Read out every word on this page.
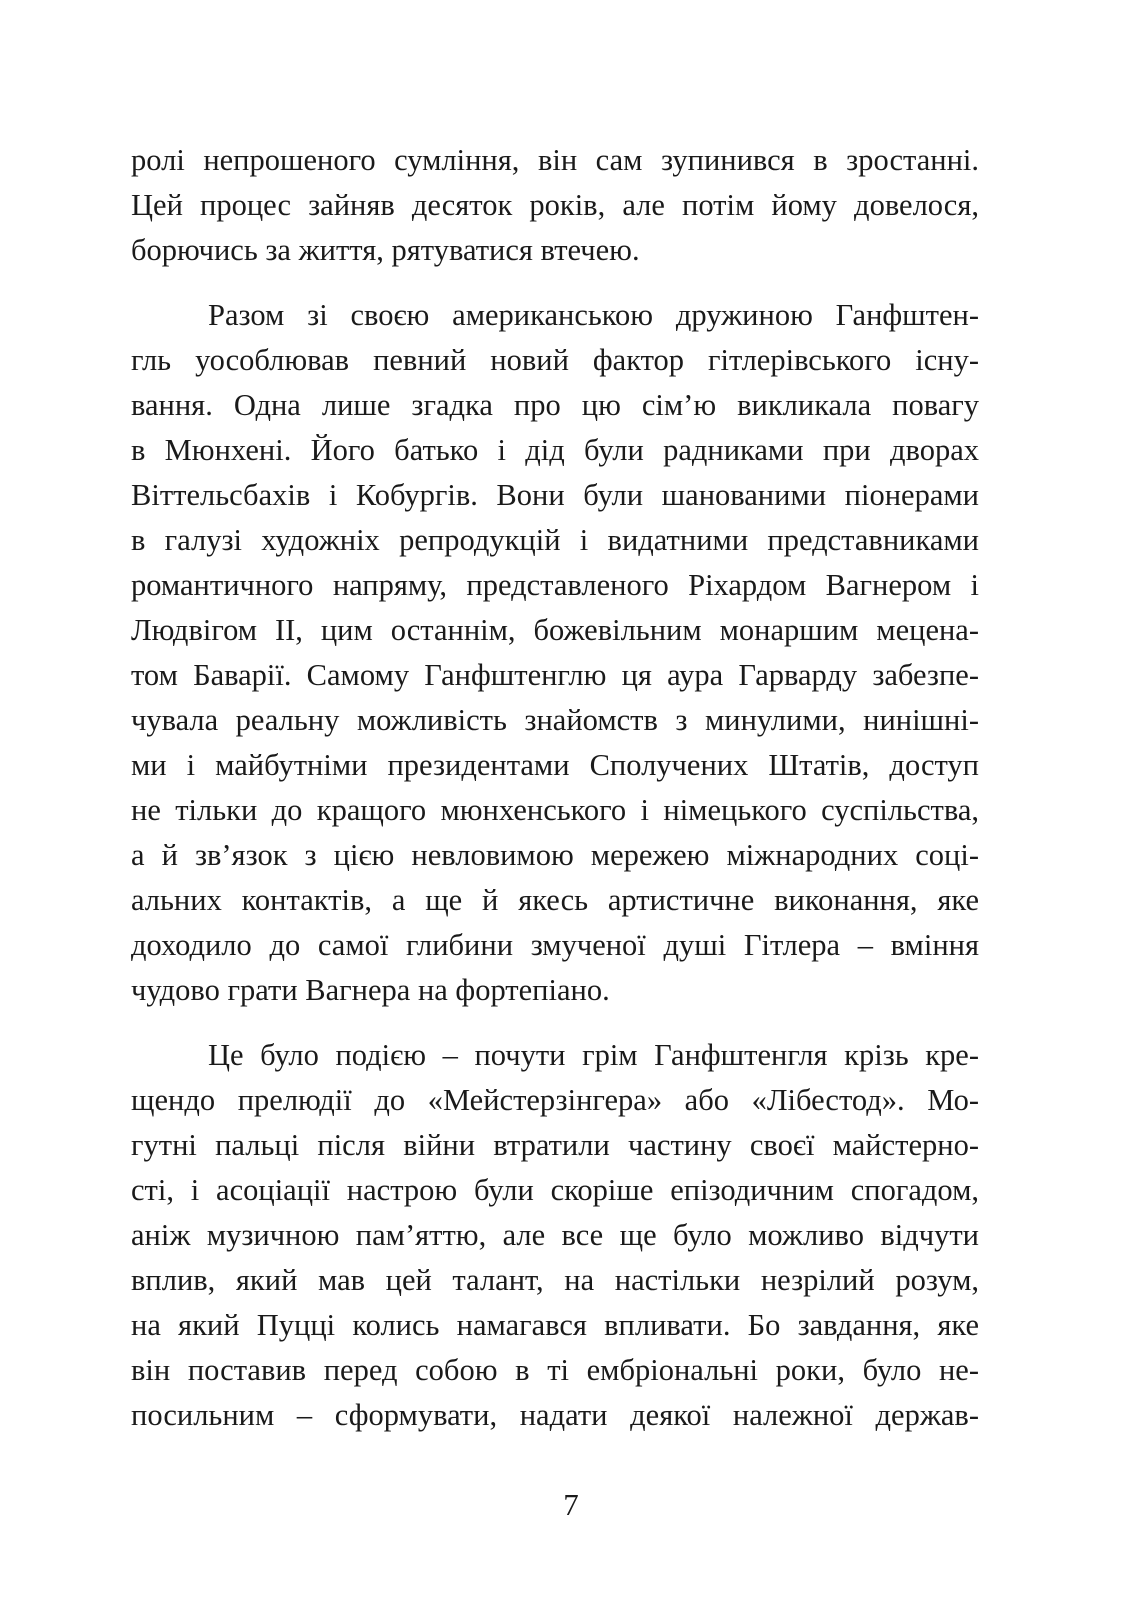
ролі непрошеного сумління, він сам зупинився в зростанні.
Цей процес зайняв десяток років, але потім йому довелося,
борючись за життя, рятуватися втечею.

Разом зі своєю американською дружиною Ганфштен-
гль уособлював певний новий фактор гітлерівського існу-
вання. Одна лише згадка про цю сім’ю викликала повагу
в Мюнхені. Його батько і дід були радниками при дворах
Віттельсбахів і Кобургів. Вони були шанованими піонерами
в галузі художніх репродукцій і видатними представниками
романтичного напряму, представленого Ріхардом Вагнером і
Людвігом II, цим останнім, божевільним монаршим мецена-
том Баварії. Самому Ганфштенглю ця аура Гарварду забезпе-
чувала реальну можливість знайомств з минулими, нинішні-
ми і майбутніми президентами Сполучених Штатів, доступ
не тільки до кращого мюнхенського і німецького суспільства,
а й зв’язок з цією невловимою мережею міжнародних соці-
альних контактів, а ще й якесь артистичне виконання, яке
доходило до самої глибини змученої душі Гітлера – вміння
чудово грати Вагнера на фортепіано.

Це було подією – почути грім Ганфштенгля крізь кре-
щендо прелюдії до «Мейстерзінгера» або «Лібестод». Мо-
гутні пальці після війни втратили частину своєї майстерно-
сті, і асоціації настрою були скоріше епізодичним спогадом,
аніж музичною пам’яттю, але все ще було можливо відчути
вплив, який мав цей талант, на настільки незрілий розум,
на який Пуцці колись намагався впливати. Бо завдання, яке
він поставив перед собою в ті ембріональні роки, було не-
посильним – сформувати, надати деякої належної держав-

7
